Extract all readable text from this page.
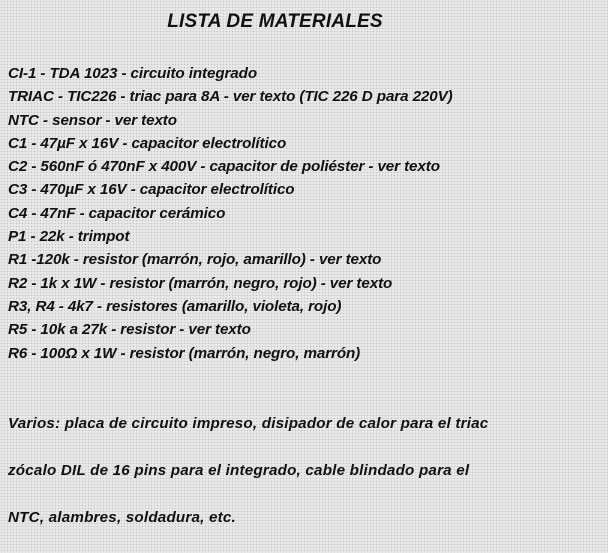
LISTA DE MATERIALES
CI-1 - TDA 1023 - circuito integrado
TRIAC - TIC226 - triac para 8A - ver texto (TIC 226 D para 220V)
NTC - sensor - ver texto
C1 - 47µF x 16V - capacitor electrolítico
C2 - 560nF ó 470nF x 400V - capacitor de poliéster - ver texto
C3 - 470µF x 16V - capacitor electrolítico
C4 - 47nF - capacitor cerámico
P1 - 22k - trimpot
R1 -120k - resistor (marrón, rojo, amarillo) - ver texto
R2 - 1k x 1W - resistor (marrón, negro, rojo) - ver texto
R3, R4 - 4k7 - resistores (amarillo, violeta, rojo)
R5 - 10k a 27k - resistor - ver texto
R6 - 100Ω x 1W - resistor (marrón, negro, marrón)

Varios: placa de circuito impreso, disipador de calor para el triac

zócalo DIL de 16 pins para el integrado, cable blindado para el

NTC, alambres, soldadura, etc.
